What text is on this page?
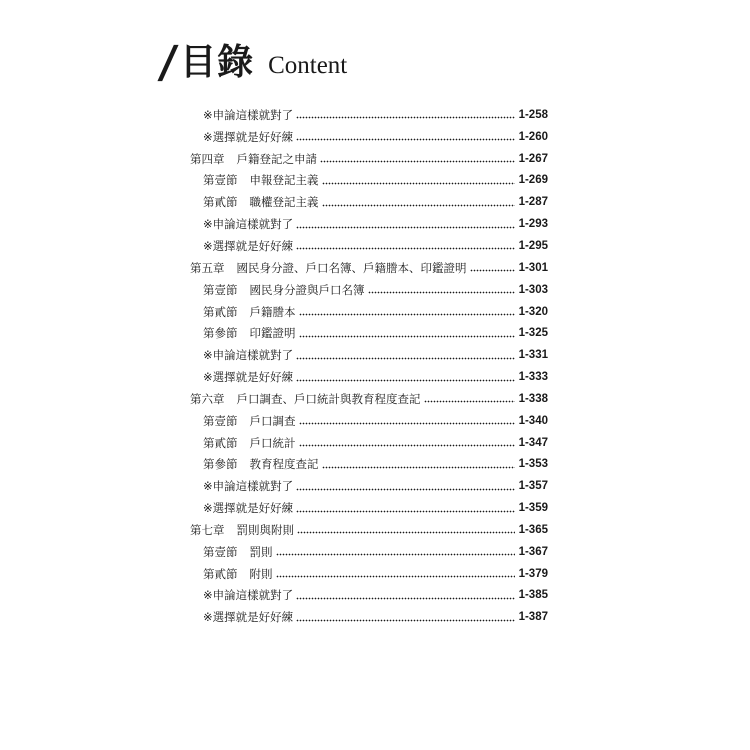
/ 目錄 Content
※申論這樣就對了	1-258
※選擇就是好好練	1-260
第四章 戶籍登記之申請	1-267
第壹節 申報登記主義	1-269
第貳節 職權登記主義	1-287
※申論這樣就對了	1-293
※選擇就是好好練	1-295
第五章 國民身分證、戶口名簿、戶籍謄本、印鑑證明	1-301
第壹節 國民身分證與戶口名簿	1-303
第貳節 戶籍謄本	1-320
第參節 印鑑證明	1-325
※申論這樣就對了	1-331
※選擇就是好好練	1-333
第六章 戶口調查、戶口統計與教育程度查記	1-338
第壹節 戶口調查	1-340
第貳節 戶口統計	1-347
第參節 教育程度查記	1-353
※申論這樣就對了	1-357
※選擇就是好好練	1-359
第七章 罰則與附則	1-365
第壹節 罰則	1-367
第貳節 附則	1-379
※申論這樣就對了	1-385
※選擇就是好好練	1-387
